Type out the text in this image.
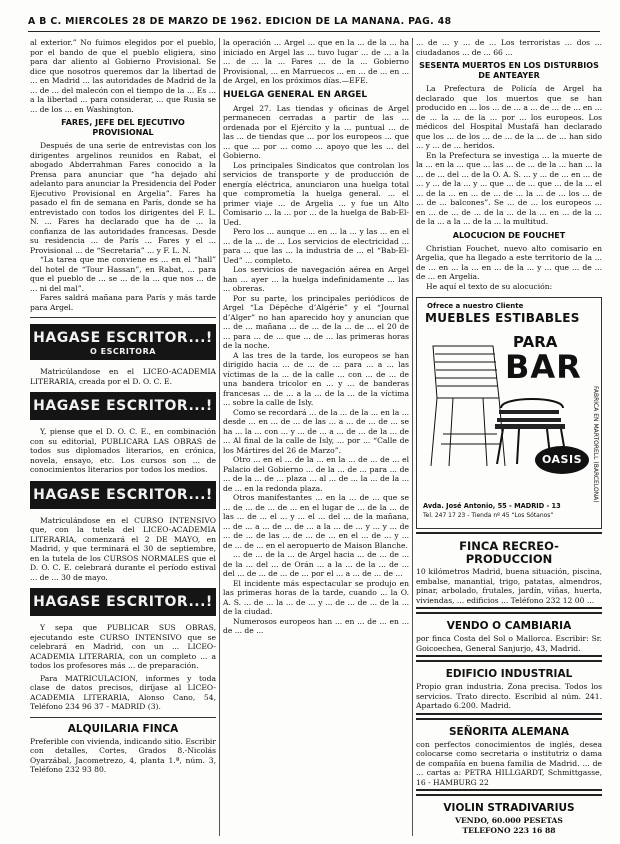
A B C. MIERCOLES 28 DE MARZO DE 1962. EDICION DE LA MAÑANA. PAG. 48

al exterior.” No fuimos elegidos por el pueblo, por el bando de que el pueblo eligiera, sino para dar aliento al Gobierno Provisional. Se dice que nosotros queremos dar la libertad de ... en Madrid ... las autoridades de Madrid de la ... de ... del malecón con el tiempo de la ... Es ... a la libertad ... para considerar, ... que Rusia se ... de los ... en Washington.

FARES, JEFE DEL EJECUTIVO PROVISIONAL

Después de una serie de entrevistas con los dirigentes argelinos reunidos en Rabat, el abogado Abderrahman Fares conocido a la Prensa para anunciar que “ha dejado ahí adelanto para anunciar la Presidencia del Poder Ejecutivo Provisional en Argelia”. Fares ha pasado el fin de semana en París, donde se ha entrevistado con todos los dirigentes del F. L. N. ... Fares ha declarado que ha de ... la confianza de las autoridades francesas. Desde su residencia ... de París ... Fares y el ... Provisional ... de “Secretaria” ... y F. L. N.

“La tarea que me conviene es ... en el “hall” del hotel de “Tour Hassan”, en Rabat, ... para que el pueblo de ... se ... de la ... que nos ... de ... ni del mal”.

Fares saldrá mañana para París y más tarde para Argel.

HAGASE ESCRITOR...!
O ESCRITORA

Matricúlandose en el LICEO-ACADEMIA LITERARIA, creada por el D. O. C. E.

HAGASE ESCRITOR...!

Y, piense que el D. O. C. E., en combinación con su editorial, PUBLICARA LAS OBRAS de todos sus diplomados literarios, en crónica, novela, ensayo, etc. Los cursos son ... de conocimientos literarios por todos los medios.

HAGASE ESCRITOR...!

Matriculándose en el CURSO INTENSIVO que, con la tutela del LICEO-ACADEMIA LITERARIA, comenzará el 2 DE MAYO, en Madrid, y que terminará el 30 de septiembre, en la tutela de los CURSOS NORMALES que el D. O. C. E. celebrará durante el período estival ... de ... 30 de mayo.

HAGASE ESCRITOR...!

Y sepa que PUBLICAR SUS OBRAS, ejecutando este CURSO INTENSIVO que se celebrará en Madrid, con un ... LICEO-ACADEMIA LITERARIA, con un completo ... a todos los profesores más ... de preparación.

Para MATRICULACION, informes y toda clase de datos precisos, diríjase al LICEO-ACADEMIA LITERARIA, Alonso Cano, 54, Teléfono 234 96 37 - MADRID (3).

ALQUILARIA FINCA

Preferible con vivienda, indicando sitio. Escribir con detalles, Cortes, Grados 8.-Nicolás Oyarzábal, Jacometrezo, 4, planta 1.ª, núm. 3, Teléfono 232 93 80.

la operación ... Argel ... que en la ... de la ... ha iniciado en Argel las ... tuvo lugar ... de ... a la ... de ... la ... Fares ... de la ... Gobierno Provisional, ... en Marruecos ... en ... de ... en ... de Argel, en los próximos días.—EFE.

HUELGA GENERAL EN ARGEL

Argel 27. Las tiendas y oficinas de Argel permanecen cerradas a partir de las ... ordenada por el Ejército y la ... puntual ... de las ... de tiendas que ... por los europeos ... que ... que ... por ... como ... apoyo que les ... del Gobierno.

Los principales Sindicatos que controlan los servicios de transporte y de producción de energía eléctrica, anunciaron una huelga total que comprometía la huelga general. ... el primer viaje ... de Argelia ... y fue un Alto Comisario ... la ... por ... de la huelga de Bab-El-Ued.

Pero los ... aunque ... en ... la ... y las ... en el ... de la ... de ... Los servicios de electricidad ... para ... que las ... la industria de ... el “Bab-El-Ued” ... completo.

Los servicios de navegación aérea en Argel han ... ayer ... la huelga indefinidamente ... las ... obreras.

Por su parte, los principales periódicos de Argel “La Dépêche d’Algérie” y el “Journal d’Alger” no han aparecido hoy y anuncian que ... de ... mañana ... de ... de la ... de ... el 20 de ... para ... de ... que ... de ... las primeras horas de la noche.

A las tres de la tarde, los europeos se han dirigido hacia ... de ... de ... para ... a ... las víctimas de la ... de la calle ... con ... de ... de una bandera tricolor en ... y ... de banderas francesas ... de ... a la ... de la ... de la víctima ... sobre la calle de Isly.

Como se recordará ... de la ... de la ... en la ... desde ... en ... de ... de las ... a ... de ... de ... se ha ... la ... con ... y ... de ... a ... de ... de la ... de ... Al final de la calle de Isly, ... por ... “Calle de los Mártires del 26 de Marzo”.

Otro ... en el ... de la ... en la ... de ... de ... el Palacio del Gobierno ... de la ... de ... para ... de ... de la ... de ... plaza ... al ... de ... la ... de la ... de ... en la redonda plaza.

Otros manifestantes ... en la ... de ... que se ... de ... de ... de ... en el lugar de ... de la ... de las ... de ... el ... y ... el ... del ... de la mañana, ... de ... a ... de ... de ... a la ... de ... y ... y ... de ... de ... de las ... de ... de ... en el ... de ... y ... de ... de ... en el aeropuerto de Maison Blanche.

... de ... de la ... de Argel hacia ... de ... de ... de la ... del ... de Orán ... a la ... de la ... de ... del ... de ... de ... de ... por el ... a ... de ... de ...

El incidente más espectacular se produjo en las primeras horas de la tarde, cuando ... la O. A. S. ... de ... la ... de ... y ... de ... de ... de la ... de la ciudad.

Numerosos europeos han ... en ... de ... en ... de ... de ...

... de ... y ... de ... Los terroristas ... dos ... ciudadanos ... de ... 66 ...

SESENTA MUERTOS EN LOS DISTURBIOS DE ANTEAYER

La Prefectura de Policía de Argel ha declarado que los muertos que se han producido en ... los ... de ... a ... de ... de ... en ... de ... la ... de la ... por ... los europeos. Los médicos del Hospital Mustafá han declarado que los ... de los ... de ... de la ... de ... han sido ... y ... de ... heridos.

En la Prefectura se investiga ... la muerte de la ... en la ... que ... las ... de ... de la ... han ... la ... de ... del ... de la O. A. S. ... y ... de ... en ... de ... y ... de la ... y ... que ... de ... que ... de la ... el ... de la ... en ... de ... de ... la ... de ... los ... de ... de ... balcones”. Se ... de ... los europeos ... en ... de ... de ... de la ... de la ... en ... de la ... de la ... a la ... de la ... la multitud.

ALOCUCION DE FOUCHET

Christian Fouchet, nuevo alto comisario en Argelia, que ha llegado a este territorio de la ... de ... en ... la ... en ... de la ... y ... que ... de ... de ... en Argelia.

He aquí el texto de su alocución:

Ofrece a nuestro Cliente
MUEBLES ESTIBABLES
PARA
BAR
OASIS	FABRICA EN MARTORELL (BARCELONA)
Avda. José Antonio, 55 - MADRID - 13
Tel. 247 17 23 - Tienda nº 45 “Los Sótanos”
FINCA RECREO-PRODUCCION

10 kilómetros Madrid, buena situación, piscina, embalse, manantial, trigo, patatas, almendros, pinar, arbolado, frutales, jardín, viñas, huerta, viviendas, ... edificios ... Teléfono 232 12 00 ...

VENDO O CAMBIARIA

por finca Costa del Sol o Mallorca. Escribir: Sr. Goicoechea, General Sanjurjo, 43, Madrid.

EDIFICIO INDUSTRIAL

Propio gran industria. Zona precisa. Todos los servicios. Trato directo. Escribid al núm. 241. Apartado 6.200. Madrid.

SEÑORITA ALEMANA

con perfectos conocimientos de inglés, desea colocarse como secretaria o institutriz o dama de compañía en buena familia de Madrid. ... de ... cartas a: PETRA HILLGARDT, Schmittgasse, 16 - HAMBURG 22

VIOLIN STRADIVARIUS

VENDO, 60.000 PESETAS

TELEFONO 223 16 88
